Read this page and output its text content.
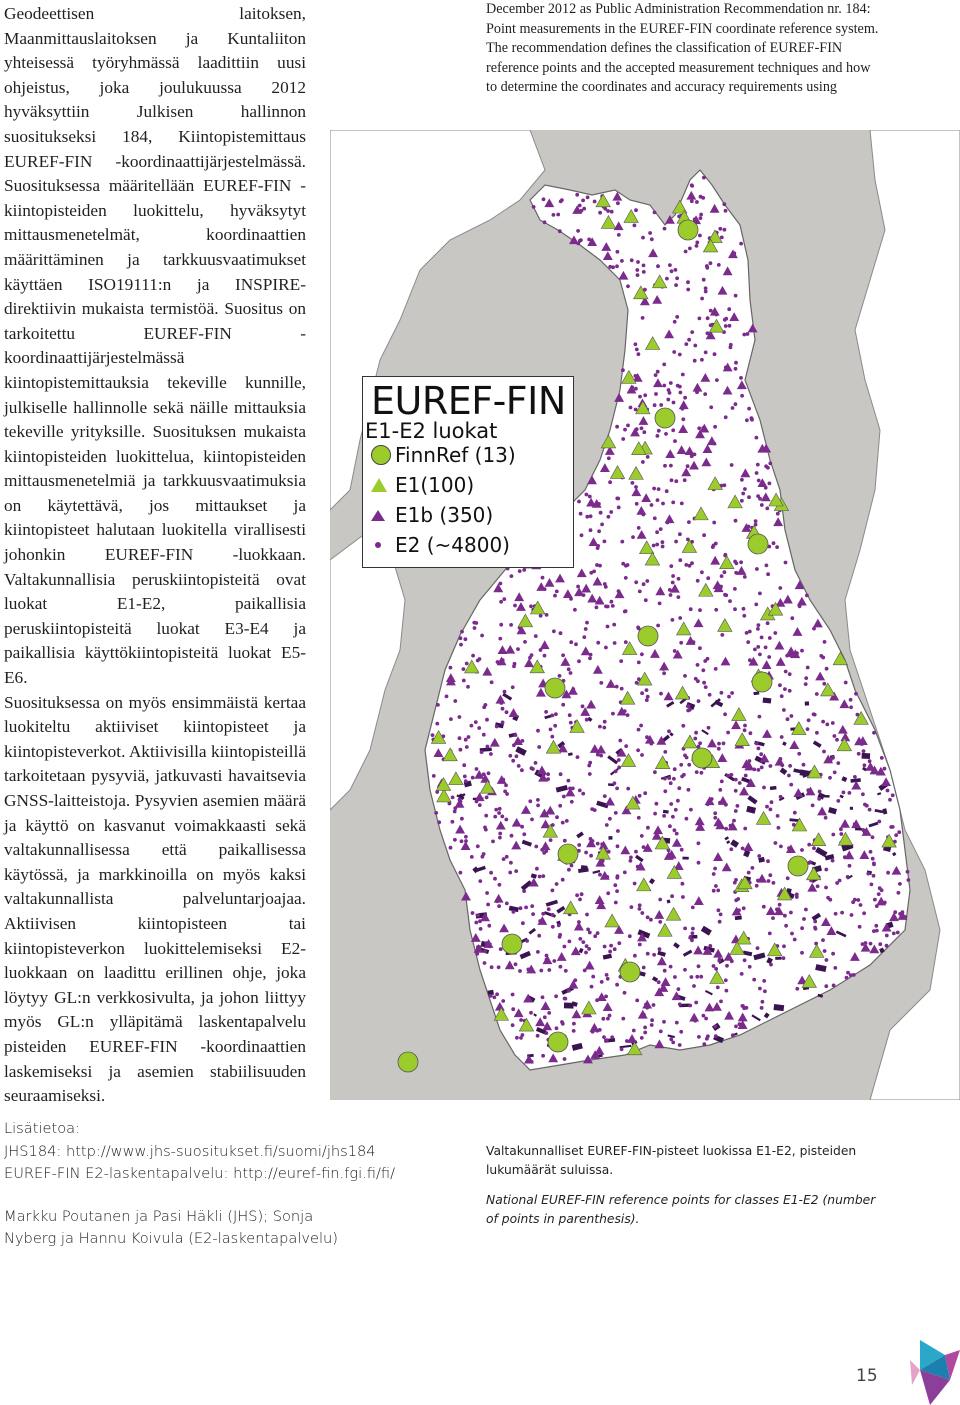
Geodeettisen laitoksen, Maanmittauslaitoksen ja Kuntaliiton yhteisessä työryhmässä laadittiin uusi ohjeistus, joka joulukuussa 2012 hyväksyttiin Julkisen hallinnon suositukseksi 184, Kiintopistemittaus EUREF-FIN -koordinaattijärjestelmässä. Suosituksessa määritellään EUREF-FIN -kiintopisteiden luokittelu, hyväksytyt mittausmenetelmät, koordinaattien määrittäminen ja tarkkuusvaatimukset käyttäen ISO19111:n ja INSPIRE-direktiivin mukaista termistöä. Suositus on tarkoitettu EUREF-FIN -koordinaattijärjestelmässä kiintopistemittauksia tekeville kunnille, julkiselle hallinnolle sekä näille mittauksia tekeville yrityksille. Suosituksen mukaista kiintopisteiden luokittelua, kiintopisteiden mittausmenetelmiä ja tarkkuusvaatimuksia on käytettävä, jos mittaukset ja kiintopisteet halutaan luokitella virallisesti johonkin EUREF-FIN -luokkaan. Valtakunnallisia peruskiintopisteitä ovat luokat E1-E2, paikallisia peruskiintopisteitä luokat E3-E4 ja paikallisia käyttökiintopisteitä luokat E5-E6.

Suosituksessa on myös ensimmäistä kertaa luokiteltu aktiiviset kiintopisteet ja kiintopisteverkot. Aktiivisilla kiintopisteillä tarkoitetaan pysyviä, jatkuvasti havaitsevia GNSS-laitteistoja. Pysyvien asemien määrä ja käyttö on kasvanut voimakkaasti sekä valtakunnallisessa että paikallisessa käytössä, ja markkinoilla on myös kaksi valtakunnallista palveluntarjoajaa. Aktiivisen kiintopisteen tai kiintopisteverkon luokittelemiseksi E2-luokkaan on laadittu erillinen ohje, joka löytyy GL:n verkkosivulta, ja johon liittyy myös GL:n ylläpitämä laskentapalvelu pisteiden EUREF-FIN -koordinaattien laskemiseksi ja asemien stabiilisuuden seuraamiseksi.

December 2012 as Public Administration Recommendation nr. 184: Point measurements in the EUREF-FIN coordinate reference system. The recommendation defines the classification of EUREF-FIN reference points and the accepted measurement techniques and how to determine the coordinates and accuracy requirements using

EUREF-FIN
E1-E2 luokat
FinnRef (13)
E1(100)
E1b (350)
E2 (~4800)
Lisätietoa:
JHS184: http://www.jhs-suositukset.fi/suomi/jhs184
EUREF-FIN E2-laskentapalvelu: http://euref-fin.fgi.fi/fi/
Markku Poutanen ja Pasi Häkli (JHS); Sonja
Nyberg ja Hannu Koivula (E2-laskentapalvelu)
Valtakunnalliset EUREF-FIN-pisteet luokissa E1-E2, pisteiden lukumäärät suluissa.
National EUREF-FIN reference points for classes E1-E2 (number of points in parenthesis).
15
